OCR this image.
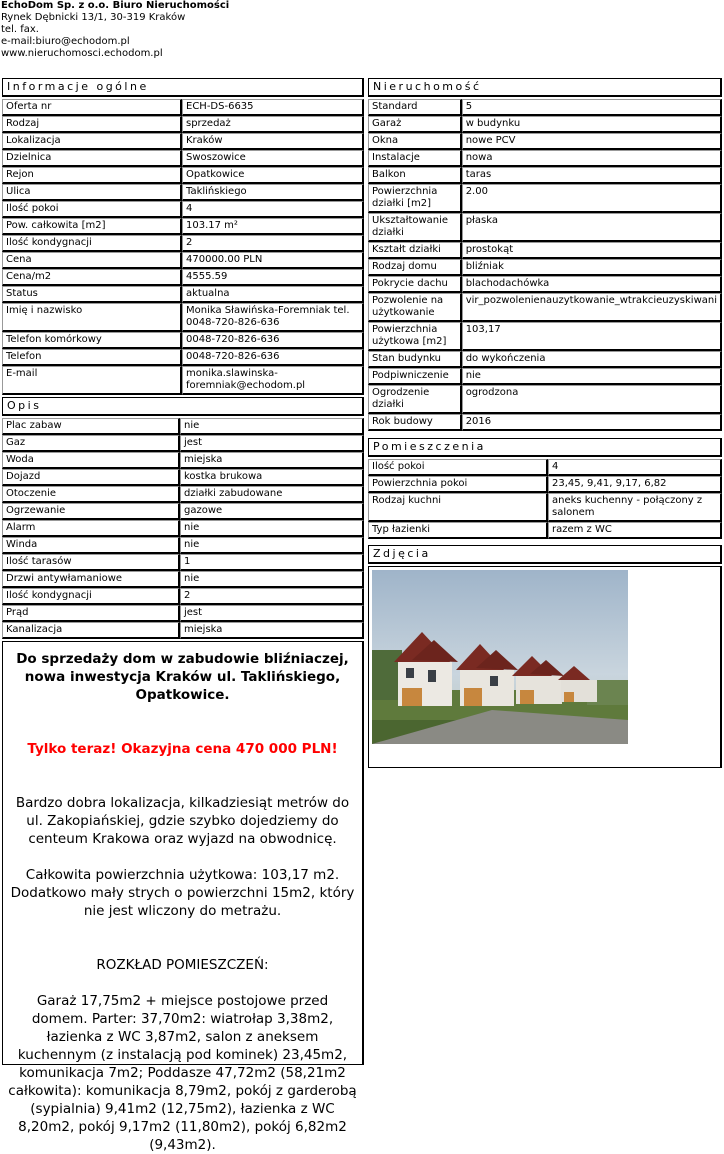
EchoDom Sp. z o.o. Biuro Nieruchomości
Rynek Dębnicki 13/1, 30-319 Kraków
tel. fax.
e-mail:biuro@echodom.pl
www.nieruchomosci.echodom.pl
Informacje ogólne
Oferta nr	ECH-DS-6635
Rodzaj	sprzedaż
Lokalizacja	Kraków
Dzielnica	Swoszowice
Rejon	Opatkowice
Ulica	Taklińskiego
Ilość pokoi	4
Pow. całkowita [m2]	103.17 m²
Ilość kondygnacji	2
Cena	470000.00 PLN
Cena/m2	4555.59
Status	aktualna
Imię i nazwisko	Monika Sławińska-Foremniak tel. 0048-720-826-636
Telefon komórkowy	0048-720-826-636
Telefon	0048-720-826-636
E-mail	monika.slawinska-foremniak@echodom.pl
Opis
Plac zabaw	nie
Gaz	jest
Woda	miejska
Dojazd	kostka brukowa
Otoczenie	działki zabudowane
Ogrzewanie	gazowe
Alarm	nie
Winda	nie
Ilość tarasów	1
Drzwi antywłamaniowe	nie
Ilość kondygnacji	2
Prąd	jest
Kanalizacja	miejska

Do sprzedaży dom w zabudowie bliźniaczej, nowa inwestycja Kraków ul. Taklińskiego, Opatkowice.

Tylko teraz! Okazyjna cena 470 000 PLN!

Bardzo dobra lokalizacja, kilkadziesiąt metrów do ul. Zakopiańskiej, gdzie szybko dojedziemy do centeum Krakowa oraz wyjazd na obwodnicę.

Całkowita powierzchnia użytkowa: 103,17 m2. Dodatkowo mały strych o powierzchni 15m2, który nie jest wliczony do metrażu.

ROZKŁAD POMIESZCZEŃ:

Garaż 17,75m2 + miejsce postojowe przed domem. Parter: 37,70m2: wiatrołap 3,38m2, łazienka z WC 3,87m2, salon z aneksem kuchennym (z instalacją pod kominek) 23,45m2, komunikacja 7m2; Poddasze 47,72m2 (58,21m2 całkowita): komunikacja 8,79m2, pokój z garderobą (sypialnia) 9,41m2 (12,75m2), łazienka z WC 8,20m2, pokój 9,17m2 (11,80m2), pokój 6,82m2 (9,43m2).

Nieruchomość
Standard	5
Garaż	w budynku
Okna	nowe PCV
Instalacje	nowa
Balkon	taras
Powierzchnia działki [m2]	2.00
Ukształtowanie działki	płaska
Kształt działki	prostokąt
Rodzaj domu	bliźniak
Pokrycie dachu	blachodachówka
Pozwolenie na użytkowanie	vir_pozwolenienauzytkowanie_wtrakcieuzyskiwani
Powierzchnia użytkowa [m2]	103,17
Stan budynku	do wykończenia
Podpiwniczenie	nie
Ogrodzenie działki	ogrodzona
Rok budowy	2016
Pomieszczenia
Ilość pokoi	4
Powierzchnia pokoi	23,45, 9,41, 9,17, 6,82
Rodzaj kuchni	aneks kuchenny - połączony z salonem
Typ łazienki	razem z WC
Zdjęcia
